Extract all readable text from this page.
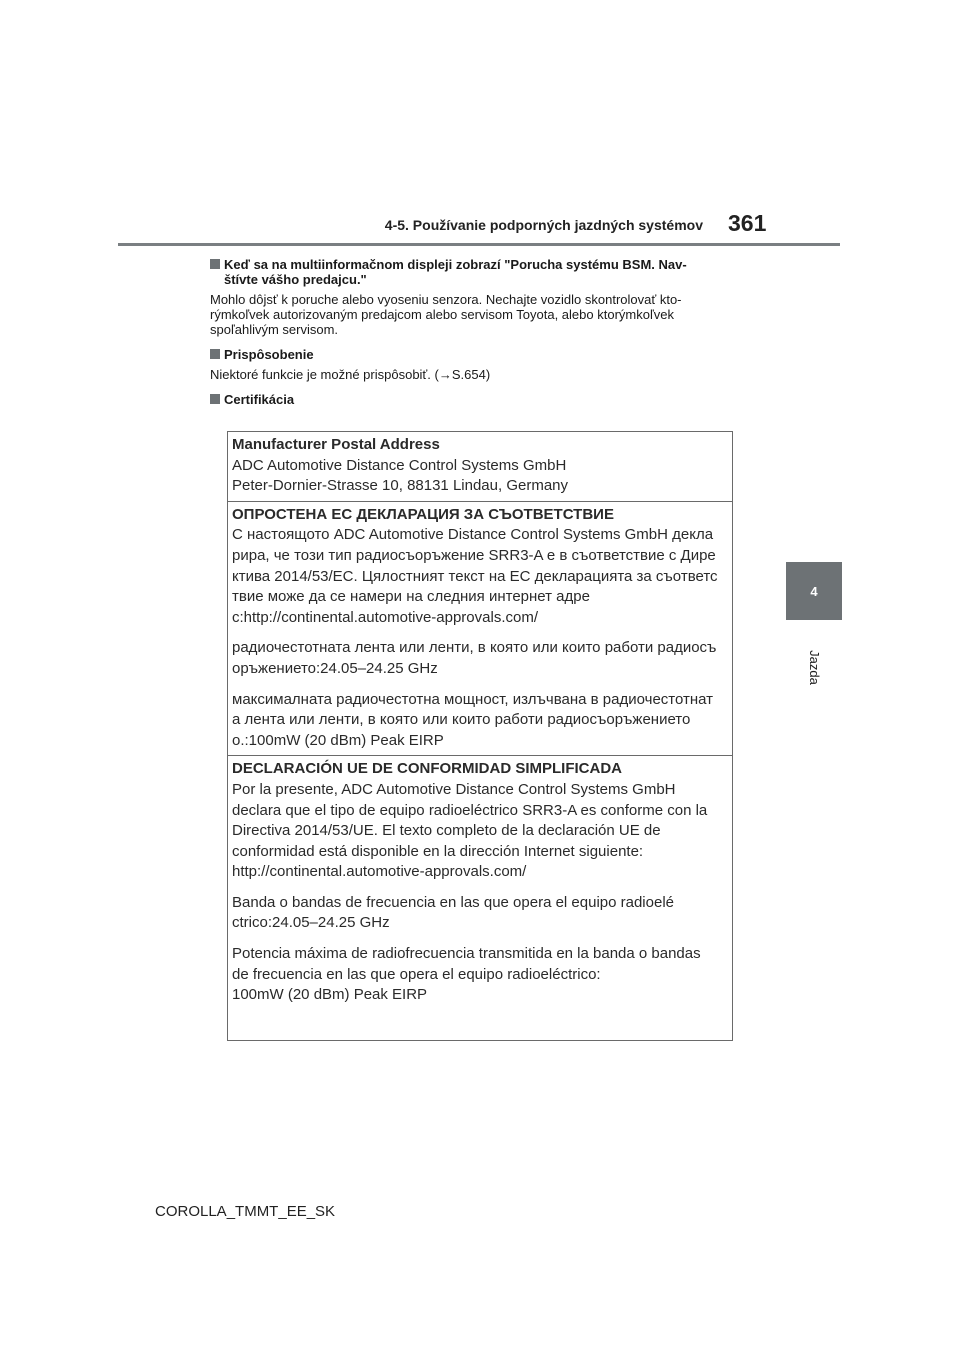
4-5. Používanie podporných jazdných systémov 361
4
Jazda

Keď sa na multiinformačnom displeji zobrazí "Porucha systému BSM. Nav-
štívte vášho predajcu."

Mohlo dôjsť k poruche alebo vyoseniu senzora. Nechajte vozidlo skontrolovať kto-
rýmkoľvek autorizovaným predajcom alebo servisom Toyota, alebo ktorýmkoľvek
spoľahlivým servisom.

Prispôsobenie

Niektoré funkcie je možné prispôsobiť. (→S.654)

Certifikácia

Manufacturer Postal Address

ADC Automotive Distance Control Systems GmbH
Peter-Dornier-Strasse 10, 88131 Lindau, Germany

ОПРОСТЕНА ЕС ДЕКЛАРАЦИЯ ЗА СЪОТВЕТСТВИЕ

С настоящото ADC Automotive Distance Control Systems GmbH декла
рира, че този тип радиосъоръжение SRR3-A е в съответствие с Дире
ктива 2014/53/ЕС. Цялостният текст на ЕС декларацията за съответс
твие може да се намери на следния интернет адре
с:http://continental.automotive-approvals.com/

радиочестотната лента или ленти, в която или които работи радиосъ
оръжението:24.05–24.25 GHz

максималната радиочестотна мощност, излъчвана в радиочестотнат
а лента или ленти, в която или които работи радиосъоръжението
о.:100mW (20 dBm) Peak EIRP

DECLARACIÓN UE DE CONFORMIDAD SIMPLIFICADA

Por la presente, ADC Automotive Distance Control Systems GmbH
declara que el tipo de equipo radioeléctrico SRR3-A es conforme con la
Directiva 2014/53/UE. El texto completo de la declaración UE de
conformidad está disponible en la dirección Internet siguiente:
http://continental.automotive-approvals.com/

Banda o bandas de frecuencia en las que opera el equipo radioelé
ctrico:24.05–24.25 GHz

Potencia máxima de radiofrecuencia transmitida en la banda o bandas
de frecuencia en las que opera el equipo radioeléctrico:
100mW (20 dBm) Peak EIRP

COROLLA_TMMT_EE_SK
